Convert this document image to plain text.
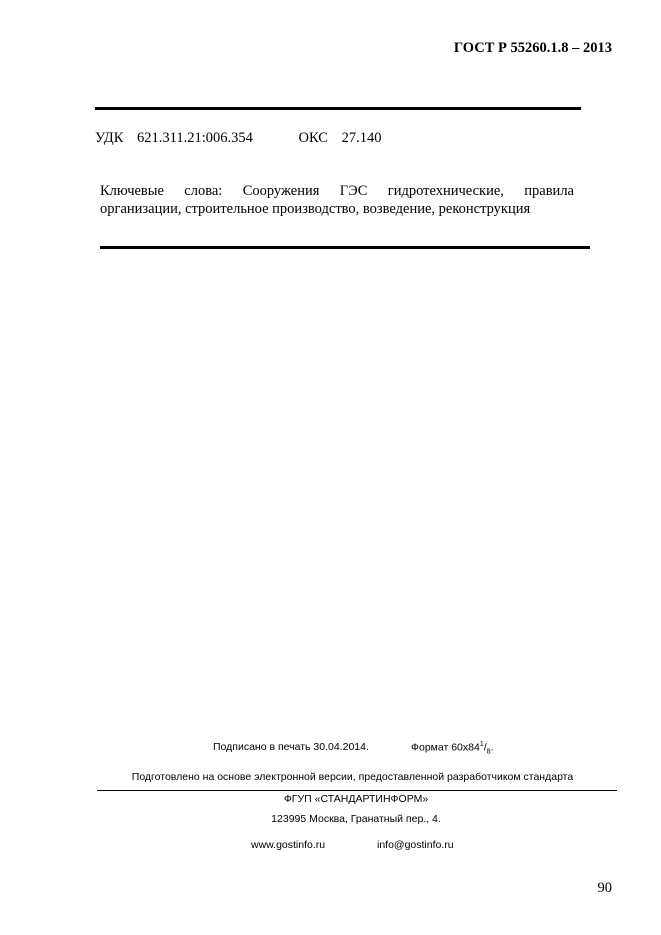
ГОСТ Р 55260.1.8 – 2013
УДК 621.311.21:006.354	ОКС 27.140

Ключевые слова: Сооружения ГЭС гидротехнические, правила

организации, строительное производство, возведение, реконструкция

Подписано в печать 30.04.2014.	Формат $60х84^1/_8$.
Подготовлено на основе электронной версии, предоставленной разработчиком стандарта
ФГУП «СТАНДАРТИНФОРМ»
123995 Москва, Гранатный пер., 4.
www.gostinfo.ru	info@gostinfo.ru
90
